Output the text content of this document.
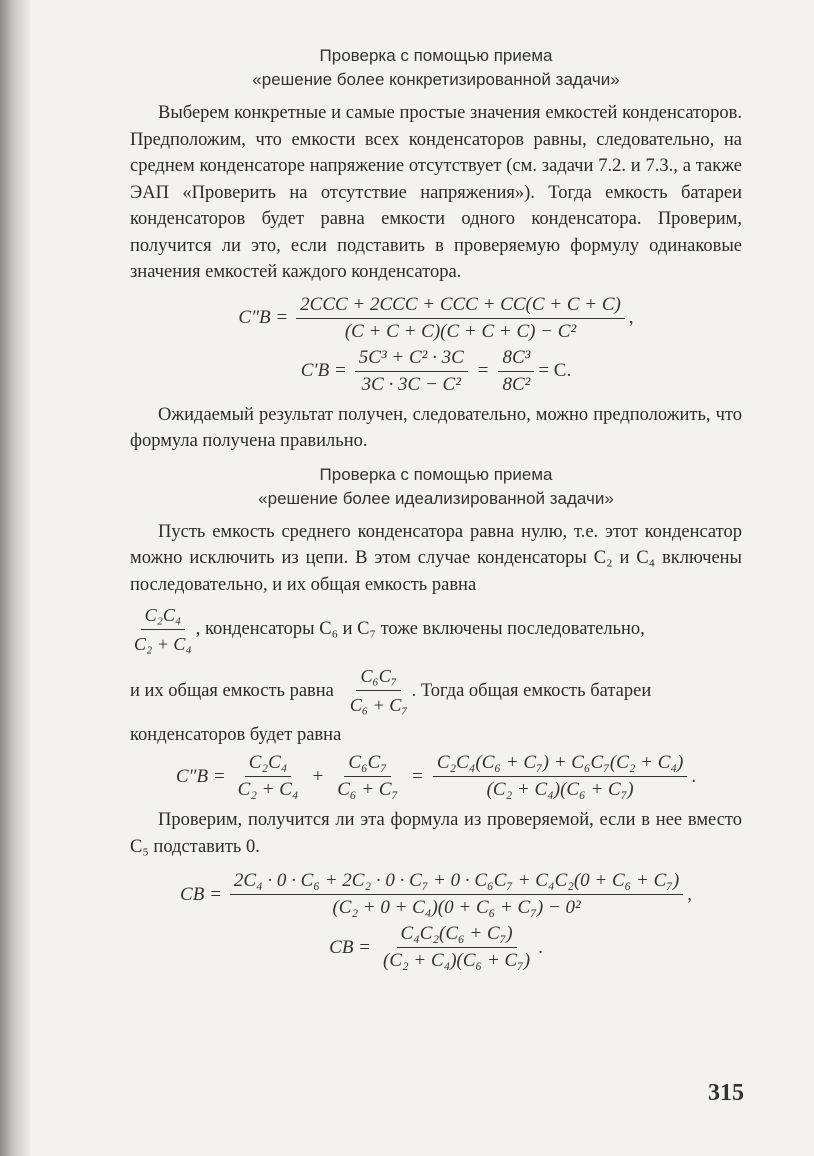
Проверка с помощью приема
«решение более конкретизированной задачи»

Выберем конкретные и самые простые значения емкостей конденсаторов. Предположим, что емкости всех конденсаторов равны, следовательно, на среднем конденсаторе напряжение отсутствует (см. задачи 7.2. и 7.3., а также ЭАП «Проверить на отсутствие напряжения»). Тогда емкость батареи конденсаторов будет равна емкости одного конденсатора. Проверим, получится ли это, если подставить в проверяемую формулу одинаковые значения емкостей каждого конденсатора.

$C''B = \frac{\text{2CCC + 2CCC + CCC + CC(C + C + C)}}{\text{(C + C + C)(C + C + C) − C²}}$ ,
$C'B = \frac{\text{5C³ + C² · 3C}}{\text{3C · 3C − C²}} = \frac{\text{8C³}}{\text{8C²}} = C$.

Ожидаемый результат получен, следовательно, можно предположить, что формула получена правильно.

Проверка с помощью приема
«решение более идеализированной задачи»

Пусть емкость среднего конденсатора равна нулю, т.е. этот конденсатор можно исключить из цепи. В этом случае конденсаторы C₂ и C₄ включены последовательно, и их общая емкость равна

$\frac{\text{C₂C₄}}{\text{C₂ + C₄}}$ , конденсаторы C₆ и C₇ тоже включены последовательно,
и их общая емкость равна $\frac{\text{C₆C₇}}{\text{C₆ + C₇}}$ . Тогда общая емкость батареи
конденсаторов будет равна
$C''B = \frac{\text{C₂C₄}}{\text{C₂ + C₄}} + \frac{\text{C₆C₇}}{\text{C₆ + C₇}} = \frac{\text{C₂C₄(C₆ + C₇) + C₆C₇(C₂ + C₄)}}{\text{(C₂ + C₄)(C₆ + C₇)}}$ .

Проверим, получится ли эта формула из проверяемой, если в нее вместо C₅ подставить 0.

CB = $\frac{\text{2C₄ · 0 · C₆ + 2C₂ · 0 · C₇ + 0 · C₆C₇ + C₄C₂(0 + C₆ + C₇)}}{\text{(C₂ + 0 + C₄)(0 + C₆ + C₇) − 0²}}$ ,
CB = $\frac{\text{C₄C₂(C₆ + C₇)}}{\text{(C₂ + C₄)(C₆ + C₇)}}$ .
315
